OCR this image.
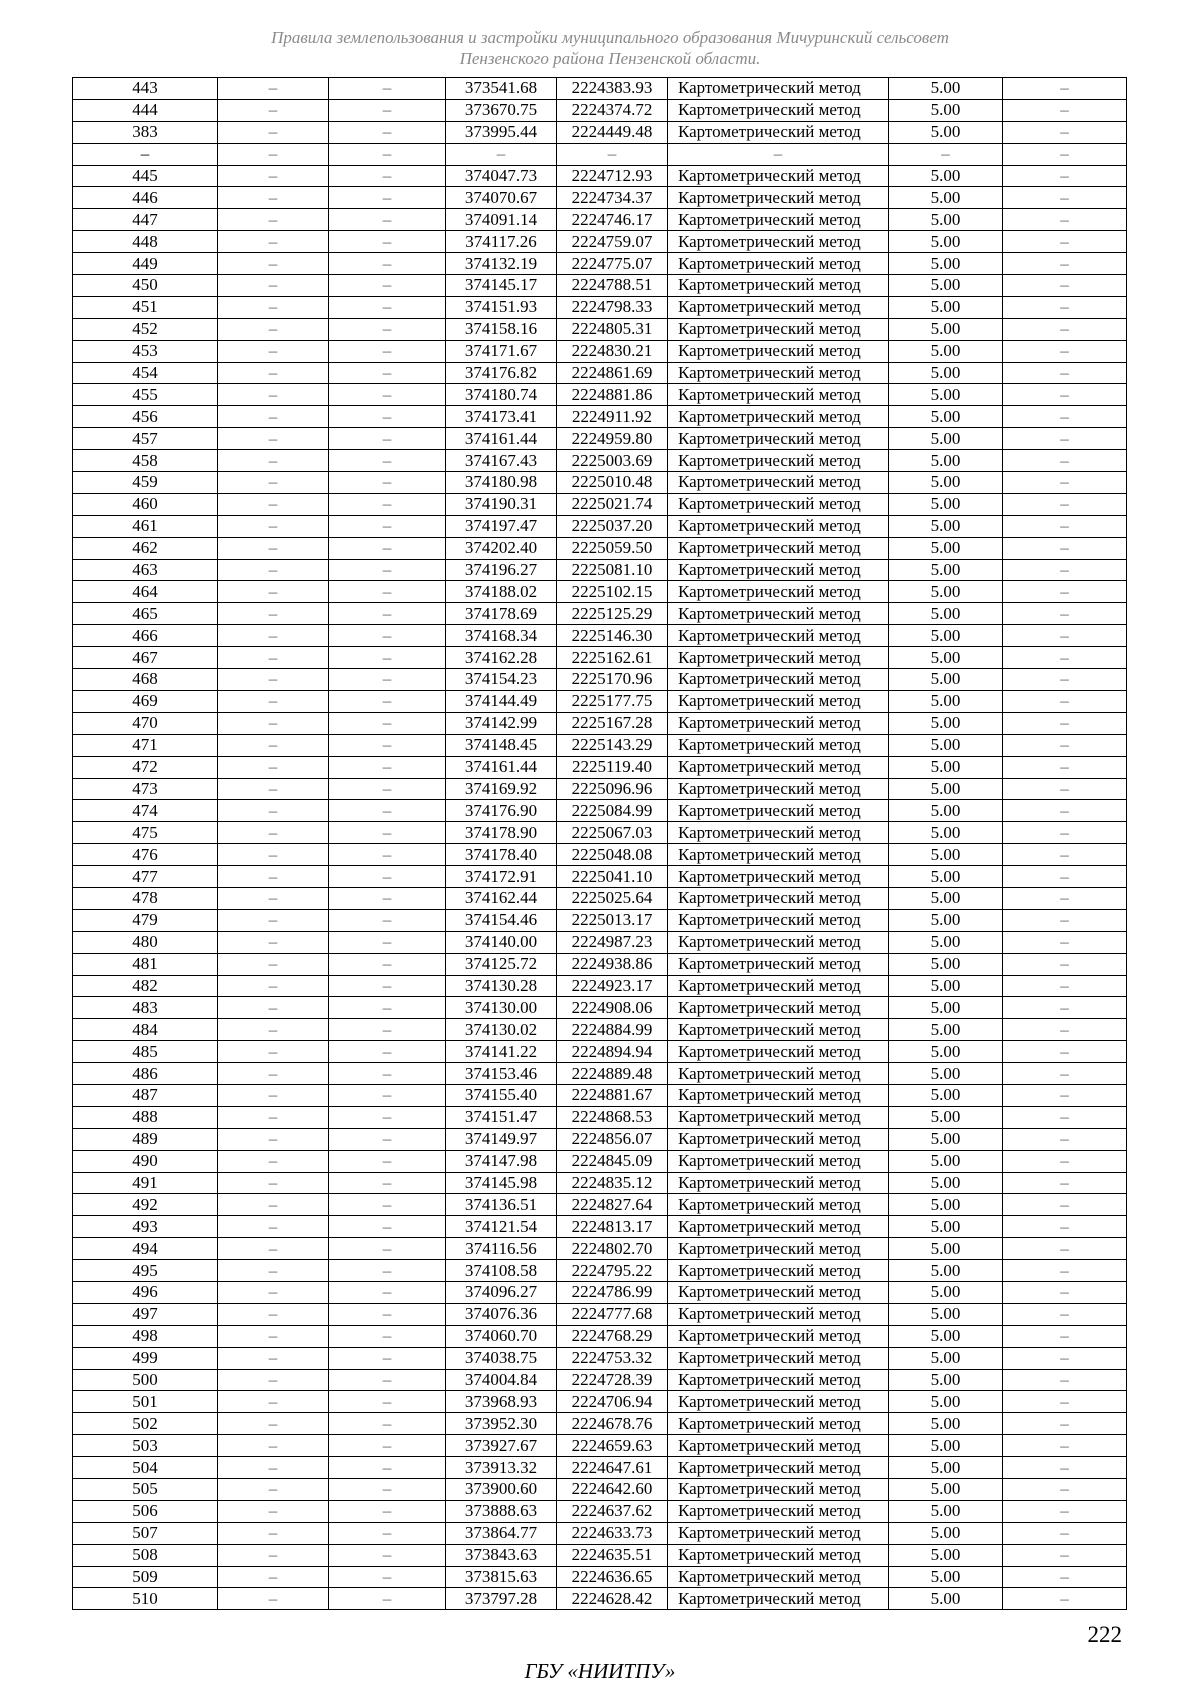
Правила землепользования и застройки муниципального образования Мичуринский сельсовет
Пензенского района Пензенской области.
443	–	–	373541.68	2224383.93	Картометрический метод	5.00	–
444	–	–	373670.75	2224374.72	Картометрический метод	5.00	–
383	–	–	373995.44	2224449.48	Картометрический метод	5.00	–
–	–	–	–	–	–	–	–
445	–	–	374047.73	2224712.93	Картометрический метод	5.00	–
446	–	–	374070.67	2224734.37	Картометрический метод	5.00	–
447	–	–	374091.14	2224746.17	Картометрический метод	5.00	–
448	–	–	374117.26	2224759.07	Картометрический метод	5.00	–
449	–	–	374132.19	2224775.07	Картометрический метод	5.00	–
450	–	–	374145.17	2224788.51	Картометрический метод	5.00	–
451	–	–	374151.93	2224798.33	Картометрический метод	5.00	–
452	–	–	374158.16	2224805.31	Картометрический метод	5.00	–
453	–	–	374171.67	2224830.21	Картометрический метод	5.00	–
454	–	–	374176.82	2224861.69	Картометрический метод	5.00	–
455	–	–	374180.74	2224881.86	Картометрический метод	5.00	–
456	–	–	374173.41	2224911.92	Картометрический метод	5.00	–
457	–	–	374161.44	2224959.80	Картометрический метод	5.00	–
458	–	–	374167.43	2225003.69	Картометрический метод	5.00	–
459	–	–	374180.98	2225010.48	Картометрический метод	5.00	–
460	–	–	374190.31	2225021.74	Картометрический метод	5.00	–
461	–	–	374197.47	2225037.20	Картометрический метод	5.00	–
462	–	–	374202.40	2225059.50	Картометрический метод	5.00	–
463	–	–	374196.27	2225081.10	Картометрический метод	5.00	–
464	–	–	374188.02	2225102.15	Картометрический метод	5.00	–
465	–	–	374178.69	2225125.29	Картометрический метод	5.00	–
466	–	–	374168.34	2225146.30	Картометрический метод	5.00	–
467	–	–	374162.28	2225162.61	Картометрический метод	5.00	–
468	–	–	374154.23	2225170.96	Картометрический метод	5.00	–
469	–	–	374144.49	2225177.75	Картометрический метод	5.00	–
470	–	–	374142.99	2225167.28	Картометрический метод	5.00	–
471	–	–	374148.45	2225143.29	Картометрический метод	5.00	–
472	–	–	374161.44	2225119.40	Картометрический метод	5.00	–
473	–	–	374169.92	2225096.96	Картометрический метод	5.00	–
474	–	–	374176.90	2225084.99	Картометрический метод	5.00	–
475	–	–	374178.90	2225067.03	Картометрический метод	5.00	–
476	–	–	374178.40	2225048.08	Картометрический метод	5.00	–
477	–	–	374172.91	2225041.10	Картометрический метод	5.00	–
478	–	–	374162.44	2225025.64	Картометрический метод	5.00	–
479	–	–	374154.46	2225013.17	Картометрический метод	5.00	–
480	–	–	374140.00	2224987.23	Картометрический метод	5.00	–
481	–	–	374125.72	2224938.86	Картометрический метод	5.00	–
482	–	–	374130.28	2224923.17	Картометрический метод	5.00	–
483	–	–	374130.00	2224908.06	Картометрический метод	5.00	–
484	–	–	374130.02	2224884.99	Картометрический метод	5.00	–
485	–	–	374141.22	2224894.94	Картометрический метод	5.00	–
486	–	–	374153.46	2224889.48	Картометрический метод	5.00	–
487	–	–	374155.40	2224881.67	Картометрический метод	5.00	–
488	–	–	374151.47	2224868.53	Картометрический метод	5.00	–
489	–	–	374149.97	2224856.07	Картометрический метод	5.00	–
490	–	–	374147.98	2224845.09	Картометрический метод	5.00	–
491	–	–	374145.98	2224835.12	Картометрический метод	5.00	–
492	–	–	374136.51	2224827.64	Картометрический метод	5.00	–
493	–	–	374121.54	2224813.17	Картометрический метод	5.00	–
494	–	–	374116.56	2224802.70	Картометрический метод	5.00	–
495	–	–	374108.58	2224795.22	Картометрический метод	5.00	–
496	–	–	374096.27	2224786.99	Картометрический метод	5.00	–
497	–	–	374076.36	2224777.68	Картометрический метод	5.00	–
498	–	–	374060.70	2224768.29	Картометрический метод	5.00	–
499	–	–	374038.75	2224753.32	Картометрический метод	5.00	–
500	–	–	374004.84	2224728.39	Картометрический метод	5.00	–
501	–	–	373968.93	2224706.94	Картометрический метод	5.00	–
502	–	–	373952.30	2224678.76	Картометрический метод	5.00	–
503	–	–	373927.67	2224659.63	Картометрический метод	5.00	–
504	–	–	373913.32	2224647.61	Картометрический метод	5.00	–
505	–	–	373900.60	2224642.60	Картометрический метод	5.00	–
506	–	–	373888.63	2224637.62	Картометрический метод	5.00	–
507	–	–	373864.77	2224633.73	Картометрический метод	5.00	–
508	–	–	373843.63	2224635.51	Картометрический метод	5.00	–
509	–	–	373815.63	2224636.65	Картометрический метод	5.00	–
510	–	–	373797.28	2224628.42	Картометрический метод	5.00	–
222
ГБУ «НИИТПУ»
